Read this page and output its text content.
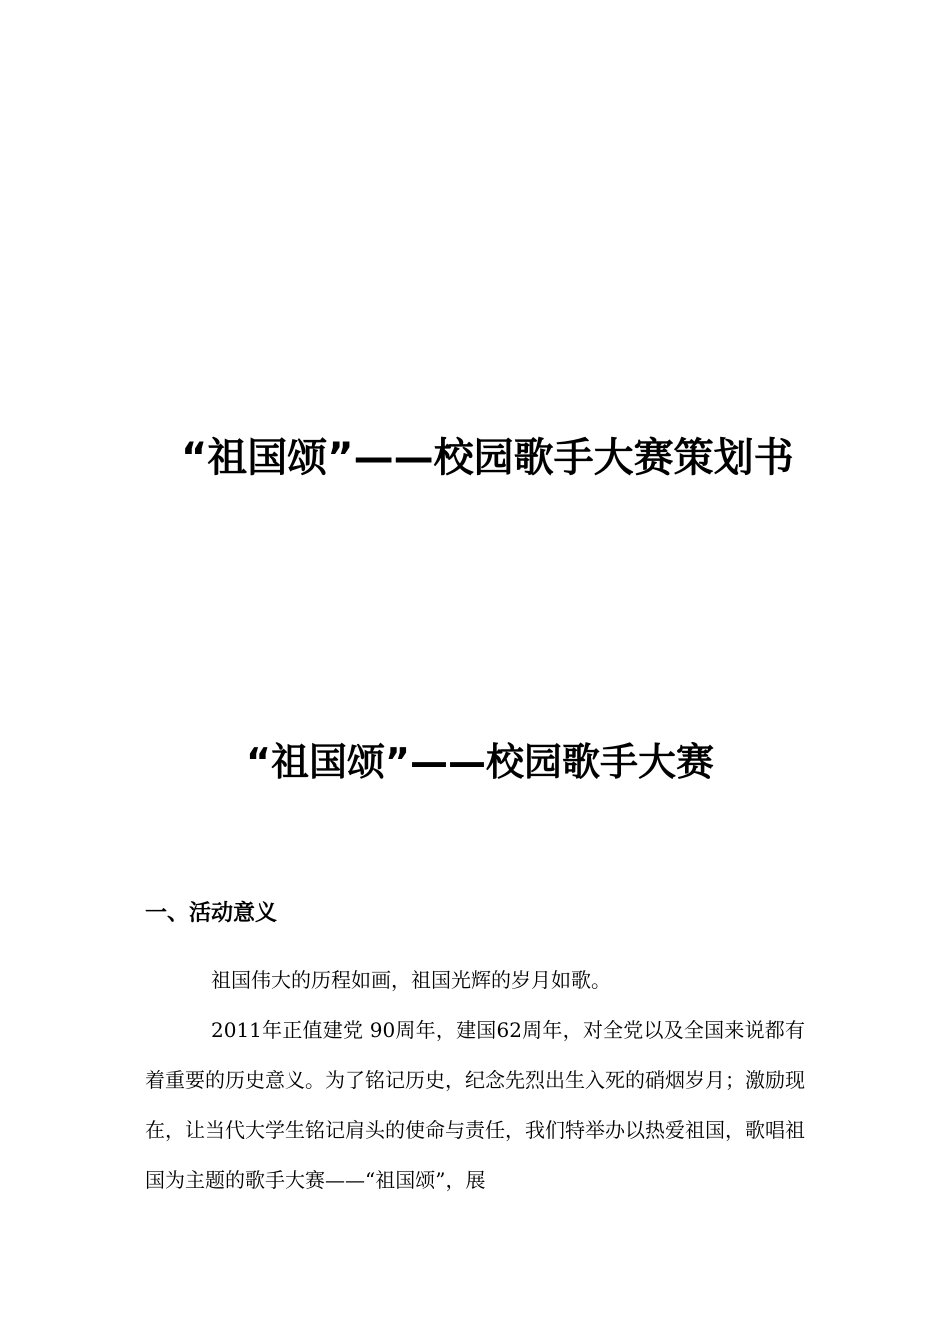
“祖国颂”——校园歌手大赛策划书
“祖国颂”——校园歌手大赛
一、活动意义

祖国伟大的历程如画，祖国光辉的岁月如歌。

2011年正值建党 90周年，建国62周年，对全党以及全国来说都有着重要的历史意义。为了铭记历史，纪念先烈出生入死的硝烟岁月；激励现在，让当代大学生铭记肩头的使命与责任，我们特举办以热爱祖国，歌唱祖国为主题的歌手大赛——“祖国颂”，展
